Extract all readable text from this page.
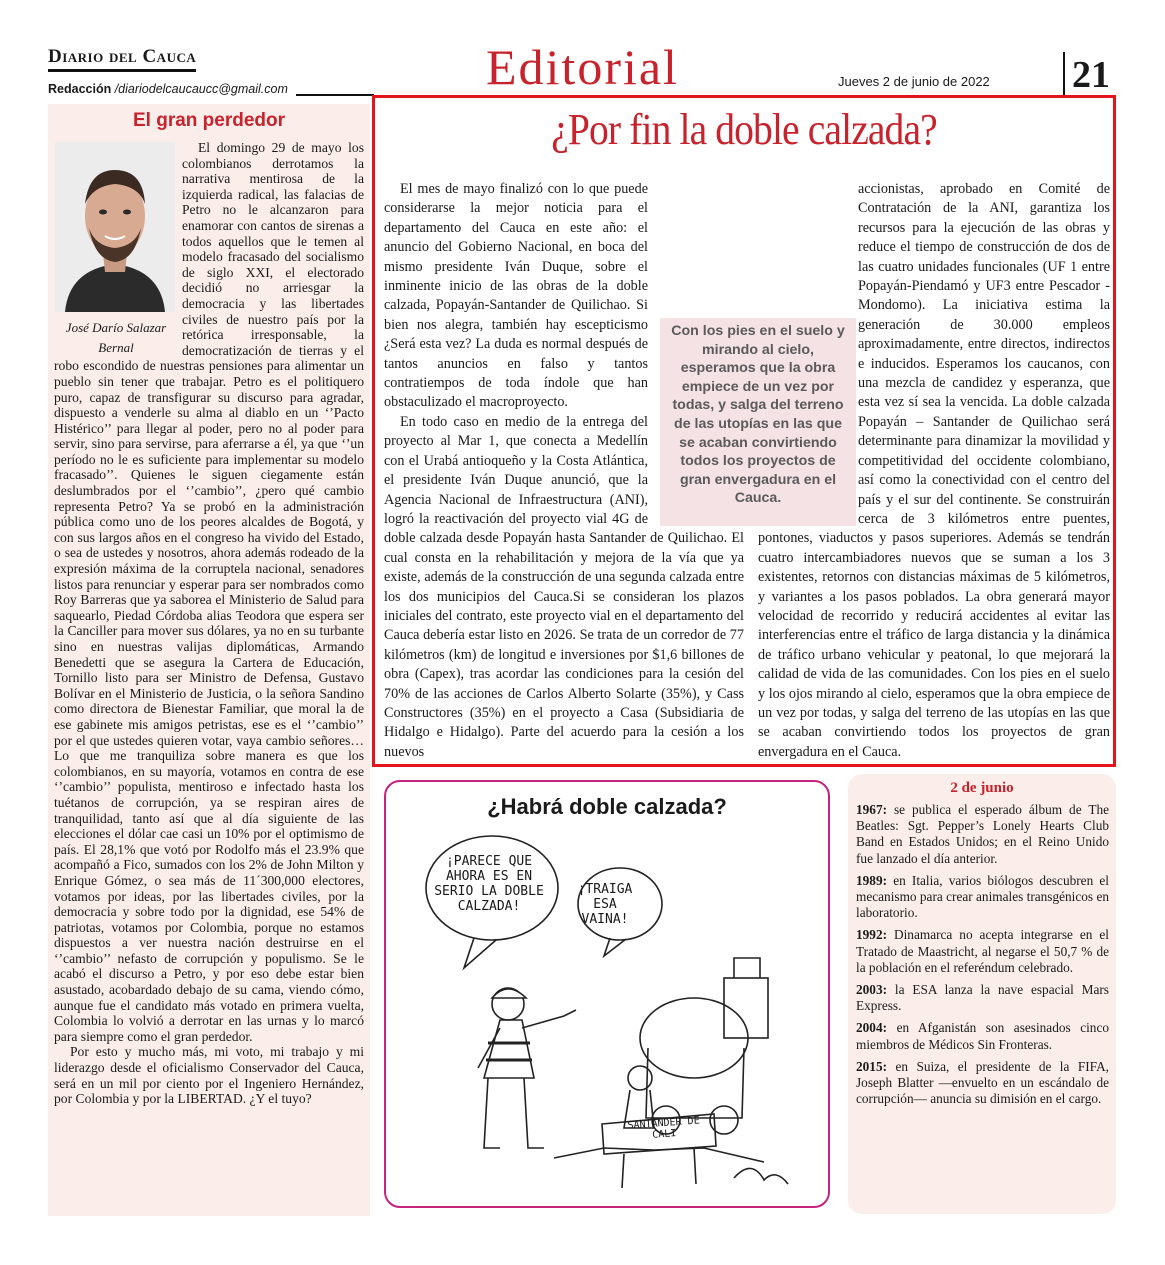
Diario del Cauca
Redacción /diariodelcaucaucc@gmail.com	Editorial	Jueves 2 de junio de 2022 21
El gran perdedor
José Darío Salazar Bernal

El domingo 29 de mayo los colombianos derrotamos la narrativa mentirosa de la izquierda radical, las falacias de Petro no le alcanzaron para enamorar con cantos de sirenas a todos aquellos que le temen al modelo fracasado del socialismo de siglo XXI, el electorado decidió no arriesgar la democracia y las libertades civiles de nuestro país por la retórica irresponsable, la democratización de tierras y el robo escondido de nuestras pensiones para alimentar un pueblo sin tener que trabajar. Petro es el politiquero puro, capaz de transfigurar su discurso para agradar, dispuesto a venderle su alma al diablo en un ‘’Pacto Histérico’’ para llegar al poder, pero no al poder para servir, sino para servirse, para aferrarse a él, ya que ‘’un período no le es suficiente para implementar su modelo fracasado’’. Quienes le siguen ciegamente están deslumbrados por el ‘’cambio’’, ¿pero qué cambio representa Petro? Ya se probó en la administración pública como uno de los peores alcaldes de Bogotá, y con sus largos años en el congreso ha vivido del Estado, o sea de ustedes y nosotros, ahora además rodeado de la expresión máxima de la corruptela nacional, senadores listos para renunciar y esperar para ser nombrados como Roy Barreras que ya saborea el Ministerio de Salud para saquearlo, Piedad Córdoba alias Teodora que espera ser la Canciller para mover sus dólares, ya no en su turbante sino en nuestras valijas diplomáticas, Armando Benedetti que se asegura la Cartera de Educación, Tornillo listo para ser Ministro de Defensa, Gustavo Bolívar en el Ministerio de Justicia, o la señora Sandino como directora de Bienestar Familiar, que moral la de ese gabinete mis amigos petristas, ese es el ‘’cambio’’ por el que ustedes quieren votar, vaya cambio señores… Lo que me tranquiliza sobre manera es que los colombianos, en su mayoría, votamos en contra de ese ‘’cambio’’ populista, mentiroso e infectado hasta los tuétanos de corrupción, ya se respiran aires de tranquilidad, tanto así que al día siguiente de las elecciones el dólar cae casi un 10% por el optimismo de país. El 28,1% que votó por Rodolfo más el 23.9% que acompañó a Fico, sumados con los 2% de John Milton y Enrique Gómez, o sea más de 11´300,000 electores, votamos por ideas, por las libertades civiles, por la democracia y sobre todo por la dignidad, ese 54% de patriotas, votamos por Colombia, porque no estamos dispuestos a ver nuestra nación destruirse en el ‘’cambio’’ nefasto de corrupción y populismo. Se le acabó el discurso a Petro, y por eso debe estar bien asustado, acobardado debajo de su cama, viendo cómo, aunque fue el candidato más votado en primera vuelta, Colombia lo volvió a derrotar en las urnas y lo marcó para siempre como el gran perdedor.

Por esto y mucho más, mi voto, mi trabajo y mi liderazgo desde el oficialismo Conservador del Cauca, será en un mil por ciento por el Ingeniero Hernández, por Colombia y por la LIBERTAD. ¿Y el tuyo?

¿Por fin la doble calzada?

El mes de mayo finalizó con lo que puede considerarse la mejor noticia para el departamento del Cauca en este año: el anuncio del Gobierno Nacional, en boca del mismo presidente Iván Duque, sobre el inminente inicio de las obras de la doble calzada, Popayán-Santander de Quilichao. Si bien nos alegra, también hay escepticismo ¿Será esta vez? La duda es normal después de tantos anuncios en falso y tantos contratiempos de toda índole que han obstaculizado el macroproyecto.

En todo caso en medio de la entrega del proyecto al Mar 1, que conecta a Medellín con el Urabá antioqueño y la Costa Atlántica, el presidente Iván Duque anunció, que la Agencia Nacional de Infraestructura (ANI), logró la reactivación del proyecto vial 4G de doble calzada desde Popayán hasta Santander de Quilichao. El cual consta en la rehabilitación y mejora de la vía que ya existe, además de la construcción de una segunda calzada entre los dos municipios del Cauca.Si se consideran los plazos iniciales del contrato, este proyecto vial en el departamento del Cauca debería estar listo en 2026. Se trata de un corredor de 77 kilómetros (km) de longitud e inversiones por $1,6 billones de obra (Capex), tras acordar las condiciones para la cesión del 70% de las acciones de Carlos Alberto Solarte (35%), y Cass Constructores (35%) en el proyecto a Casa (Subsidiaria de Hidalgo e Hidalgo). Parte del acuerdo para la cesión a los nuevos

accionistas, aprobado en Comité de Contratación de la ANI, garantiza los recursos para la ejecución de las obras y reduce el tiempo de construcción de dos de las cuatro unidades funcionales (UF 1 entre Popayán-Piendamó y UF3 entre Pescador -Mondomo). La iniciativa estima la generación de 30.000 empleos aproximadamente, entre directos, indirectos e inducidos. Esperamos los caucanos, con una mezcla de candidez y esperanza, que esta vez sí sea la vencida. La doble calzada Popayán – Santander de Quilichao será determinante para dinamizar la movilidad y competitividad del occidente colombiano, así como la conectividad con el centro del país y el sur del continente. Se construirán cerca de 3 kilómetros entre puentes, pontones, viaductos y pasos superiores. Además se tendrán cuatro intercambiadores nuevos que se suman a los 3 existentes, retornos con distancias máximas de 5 kilómetros, y variantes a los pasos poblados. La obra generará mayor velocidad de recorrido y reducirá accidentes al evitar las interferencias entre el tráfico de larga distancia y la dinámica de tráfico urbano vehicular y peatonal, lo que mejorará la calidad de vida de las comunidades. Con los pies en el suelo y los ojos mirando al cielo, esperamos que la obra empiece de un vez por todas, y salga del terreno de las utopías en las que se acaban convirtiendo todos los proyectos de gran envergadura en el Cauca.

Con los pies en el suelo y mirando al cielo, esperamos que la obra empiece de un vez por todas, y salga del terreno de las utopías en las que se acaban convirtiendo todos los proyectos de gran envergadura en el Cauca.
¿Habrá doble calzada?
¡PARECE QUE AHORA ES EN SERIO LA DOBLE CALZADA!
¡TRAIGA ESA VAINA!
SANTANDER DE CALI
2 de junio

1967: se publica el esperado álbum de The Beatles: Sgt. Pepper’s Lonely Hearts Club Band en Estados Unidos; en el Reino Unido fue lanzado el día anterior.

1989: en Italia, varios biólogos descubren el mecanismo para crear animales transgénicos en laboratorio.

1992: Dinamarca no acepta integrarse en el Tratado de Maastricht, al negarse el 50,7 % de la población en el referéndum celebrado.

2003: la ESA lanza la nave espacial Mars Express.

2004: en Afganistán son asesinados cinco miembros de Médicos Sin Fronteras.

2015: en Suiza, el presidente de la FIFA, Joseph Blatter —envuelto en un escándalo de corrupción— anuncia su dimisión en el cargo.
